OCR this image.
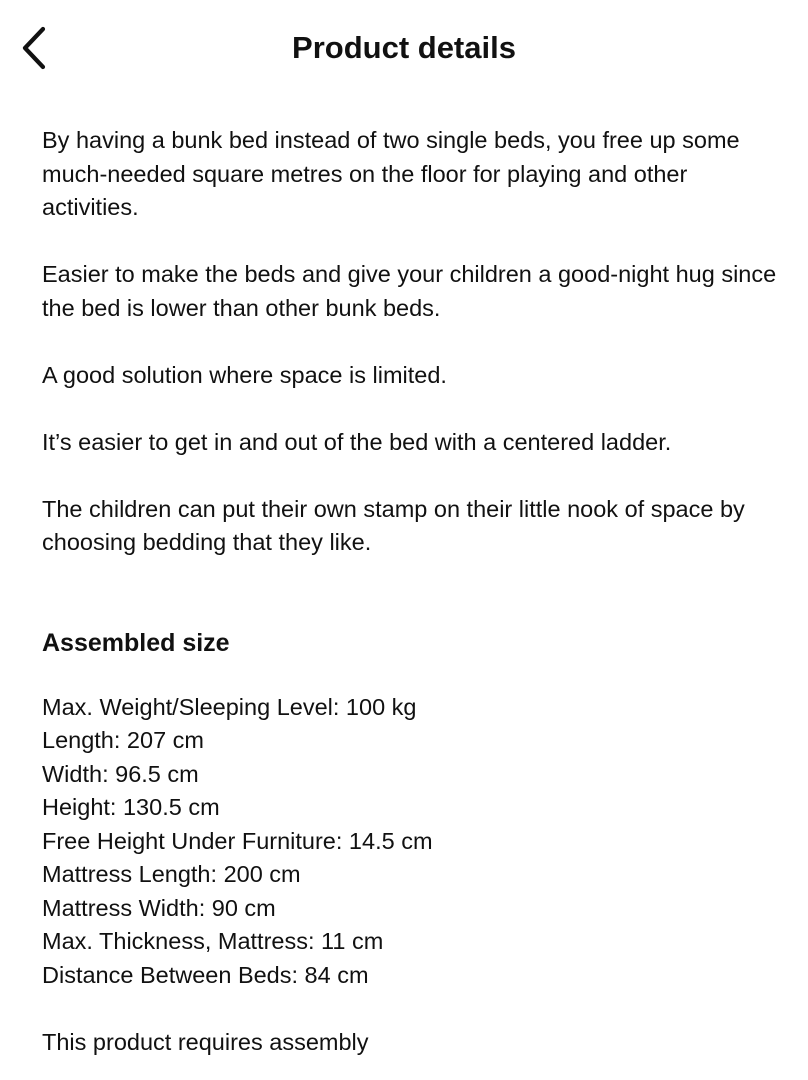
Product details

By having a bunk bed instead of two single beds, you free up some much-needed square metres on the floor for playing and other activities.

Easier to make the beds and give your children a good-night hug since the bed is lower than other bunk beds.

A good solution where space is limited.

It’s easier to get in and out of the bed with a centered ladder.

The children can put their own stamp on their little nook of space by choosing bedding that they like.

Assembled size
Max. Weight/Sleeping Level: 100 kg
Length: 207 cm
Width: 96.5 cm
Height: 130.5 cm
Free Height Under Furniture: 14.5 cm
Mattress Length: 200 cm
Mattress Width: 90 cm
Max. Thickness, Mattress: 11 cm
Distance Between Beds: 84 cm

This product requires assembly
